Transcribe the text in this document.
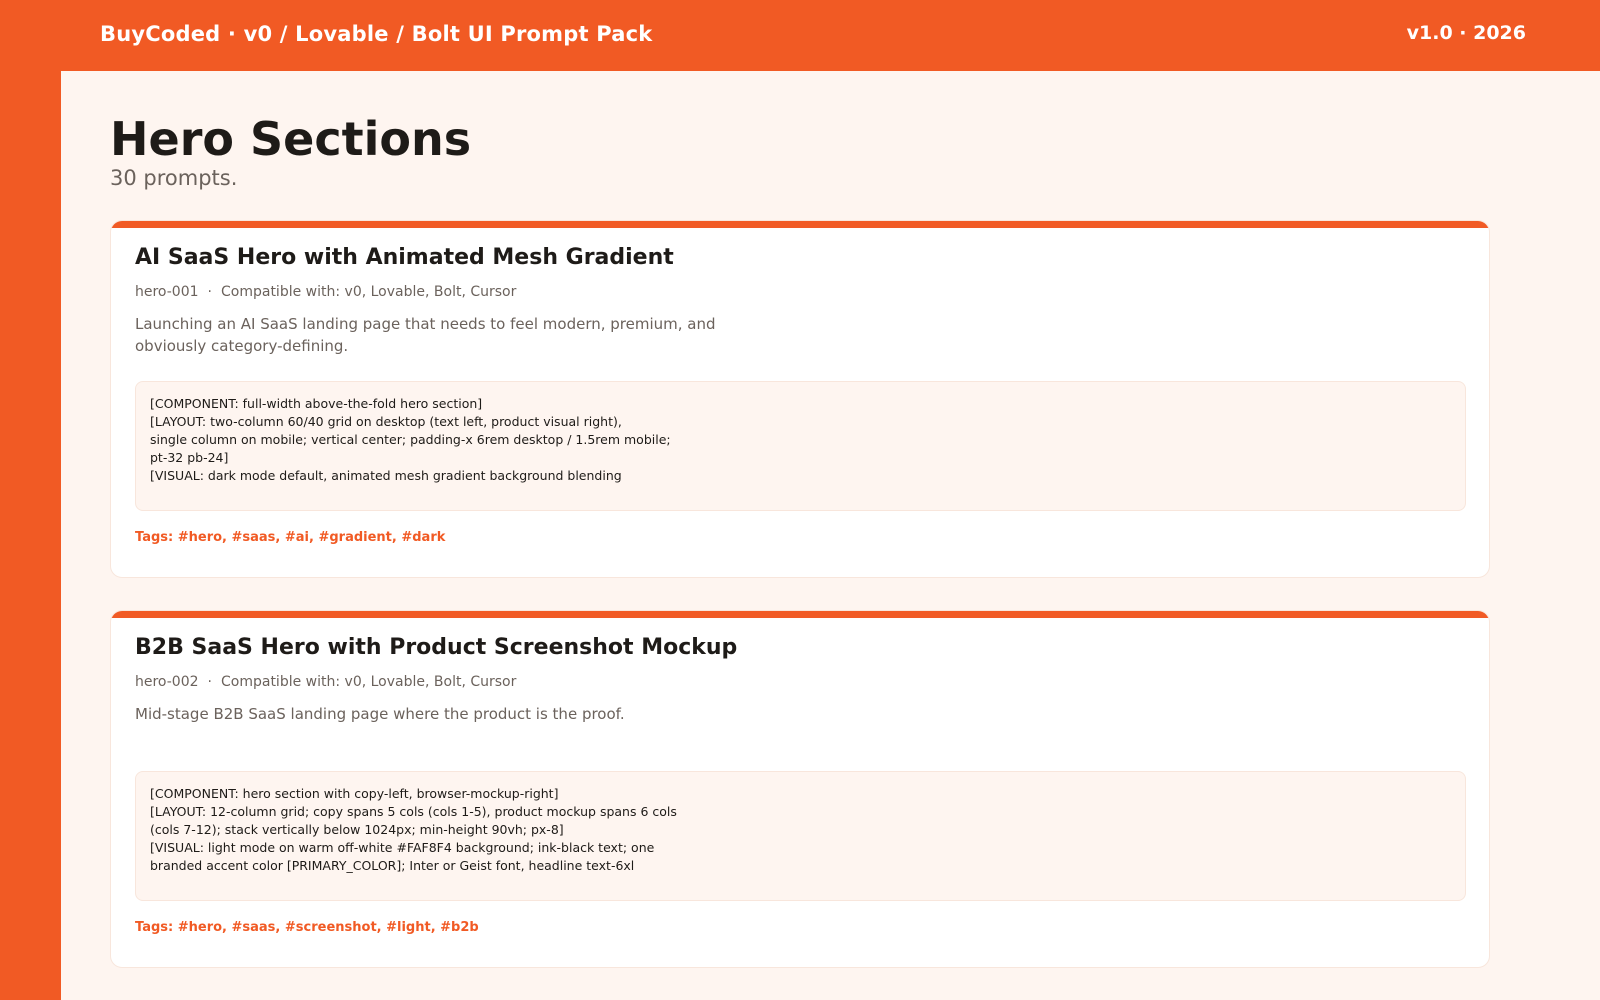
BuyCoded · v0 / Lovable / Bolt UI Prompt Pack	v1.0 · 2026
Hero Sections
30 prompts.
AI SaaS Hero with Animated Mesh Gradient
hero-001 · Compatible with: v0, Lovable, Bolt, Cursor
Launching an AI SaaS landing page that needs to feel modern, premium, and obviously category-defining.
[COMPONENT: full-width above-the-fold hero section]
[LAYOUT: two-column 60/40 grid on desktop (text left, product visual right),
single column on mobile; vertical center; padding-x 6rem desktop / 1.5rem mobile;
pt-32 pb-24]
[VISUAL: dark mode default, animated mesh gradient background blending
Tags: #hero, #saas, #ai, #gradient, #dark
B2B SaaS Hero with Product Screenshot Mockup
hero-002 · Compatible with: v0, Lovable, Bolt, Cursor
Mid-stage B2B SaaS landing page where the product is the proof.
[COMPONENT: hero section with copy-left, browser-mockup-right]
[LAYOUT: 12-column grid; copy spans 5 cols (cols 1-5), product mockup spans 6 cols
(cols 7-12); stack vertically below 1024px; min-height 90vh; px-8]
[VISUAL: light mode on warm off-white #FAF8F4 background; ink-black text; one
branded accent color [PRIMARY_COLOR]; Inter or Geist font, headline text-6xl
Tags: #hero, #saas, #screenshot, #light, #b2b
